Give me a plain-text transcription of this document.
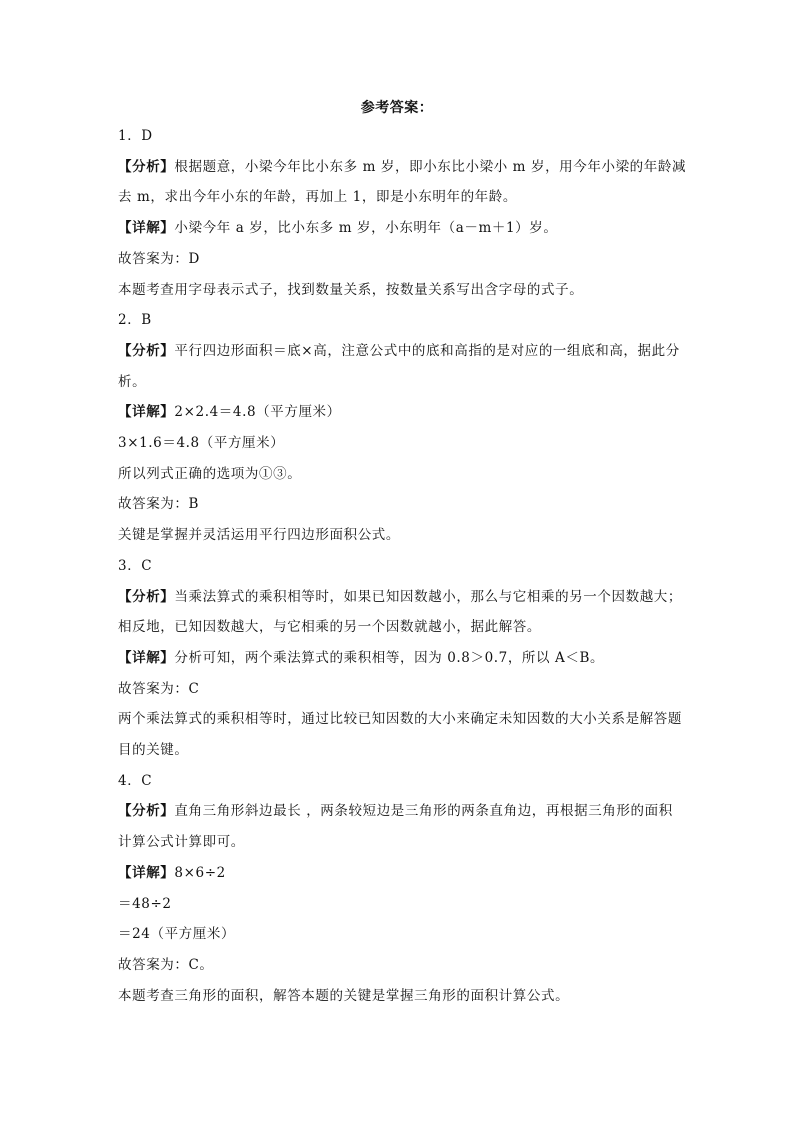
参考答案：
1．D
【分析】根据题意，小梁今年比小东多 m 岁，即小东比小梁小 m 岁，用今年小梁的年龄减
去 m，求出今年小东的年龄，再加上 1，即是小东明年的年龄。
【详解】小梁今年 a 岁，比小东多 m 岁，小东明年（a－m＋1）岁。
故答案为：D
本题考查用字母表示式子，找到数量关系，按数量关系写出含字母的式子。
2．B
【分析】平行四边形面积＝底×高，注意公式中的底和高指的是对应的一组底和高，据此分
析。
【详解】2×2.4＝4.8（平方厘米）
3×1.6＝4.8（平方厘米）
所以列式正确的选项为①③。
故答案为：B
关键是掌握并灵活运用平行四边形面积公式。
3．C
【分析】当乘法算式的乘积相等时，如果已知因数越小，那么与它相乘的另一个因数越大；
相反地，已知因数越大，与它相乘的另一个因数就越小，据此解答。
【详解】分析可知，两个乘法算式的乘积相等，因为 0.8＞0.7，所以 A＜B。
故答案为：C
两个乘法算式的乘积相等时，通过比较已知因数的大小来确定未知因数的大小关系是解答题
目的关键。
4．C
【分析】直角三角形斜边最长 ，两条较短边是三角形的两条直角边，再根据三角形的面积
计算公式计算即可。
【详解】8×6÷2
＝48÷2
＝24（平方厘米）
故答案为：C。
本题考查三角形的面积，解答本题的关键是掌握三角形的面积计算公式。
